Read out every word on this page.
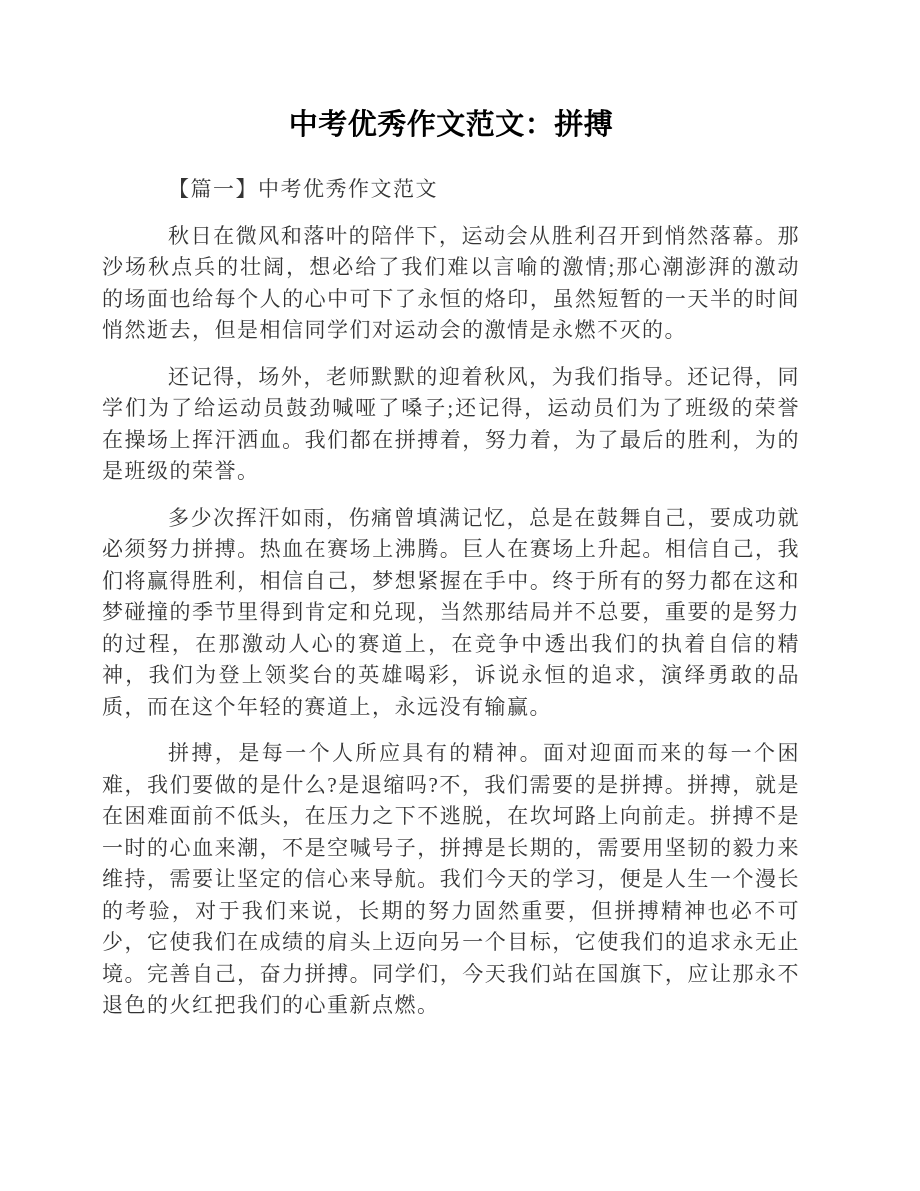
中考优秀作文范文：拼搏

【篇一】中考优秀作文范文

秋日在微风和落叶的陪伴下，运动会从胜利召开到悄然落幕。那沙场秋点兵的壮阔，想必给了我们难以言喻的激情;那心潮澎湃的激动的场面也给每个人的心中可下了永恒的烙印，虽然短暂的一天半的时间悄然逝去，但是相信同学们对运动会的激情是永燃不灭的。

还记得，场外，老师默默的迎着秋风，为我们指导。还记得，同学们为了给运动员鼓劲喊哑了嗓子;还记得，运动员们为了班级的荣誉在操场上挥汗洒血。我们都在拼搏着，努力着，为了最后的胜利，为的是班级的荣誉。

多少次挥汗如雨，伤痛曾填满记忆，总是在鼓舞自己，要成功就必须努力拼搏。热血在赛场上沸腾。巨人在赛场上升起。相信自己，我们将赢得胜利，相信自己，梦想紧握在手中。终于所有的努力都在这和梦碰撞的季节里得到肯定和兑现，当然那结局并不总要，重要的是努力的过程，在那激动人心的赛道上，在竞争中透出我们的执着自信的精神，我们为登上领奖台的英雄喝彩，诉说永恒的追求，演绎勇敢的品质，而在这个年轻的赛道上，永远没有输赢。

拼搏，是每一个人所应具有的精神。面对迎面而来的每一个困难，我们要做的是什么?是退缩吗?不，我们需要的是拼搏。拼搏，就是在困难面前不低头，在压力之下不逃脱，在坎坷路上向前走。拼搏不是一时的心血来潮，不是空喊号子，拼搏是长期的，需要用坚韧的毅力来维持，需要让坚定的信心来导航。我们今天的学习，便是人生一个漫长的考验，对于我们来说，长期的努力固然重要，但拼搏精神也必不可少，它使我们在成绩的肩头上迈向另一个目标，它使我们的追求永无止境。完善自己，奋力拼搏。同学们，今天我们站在国旗下，应让那永不退色的火红把我们的心重新点燃。
